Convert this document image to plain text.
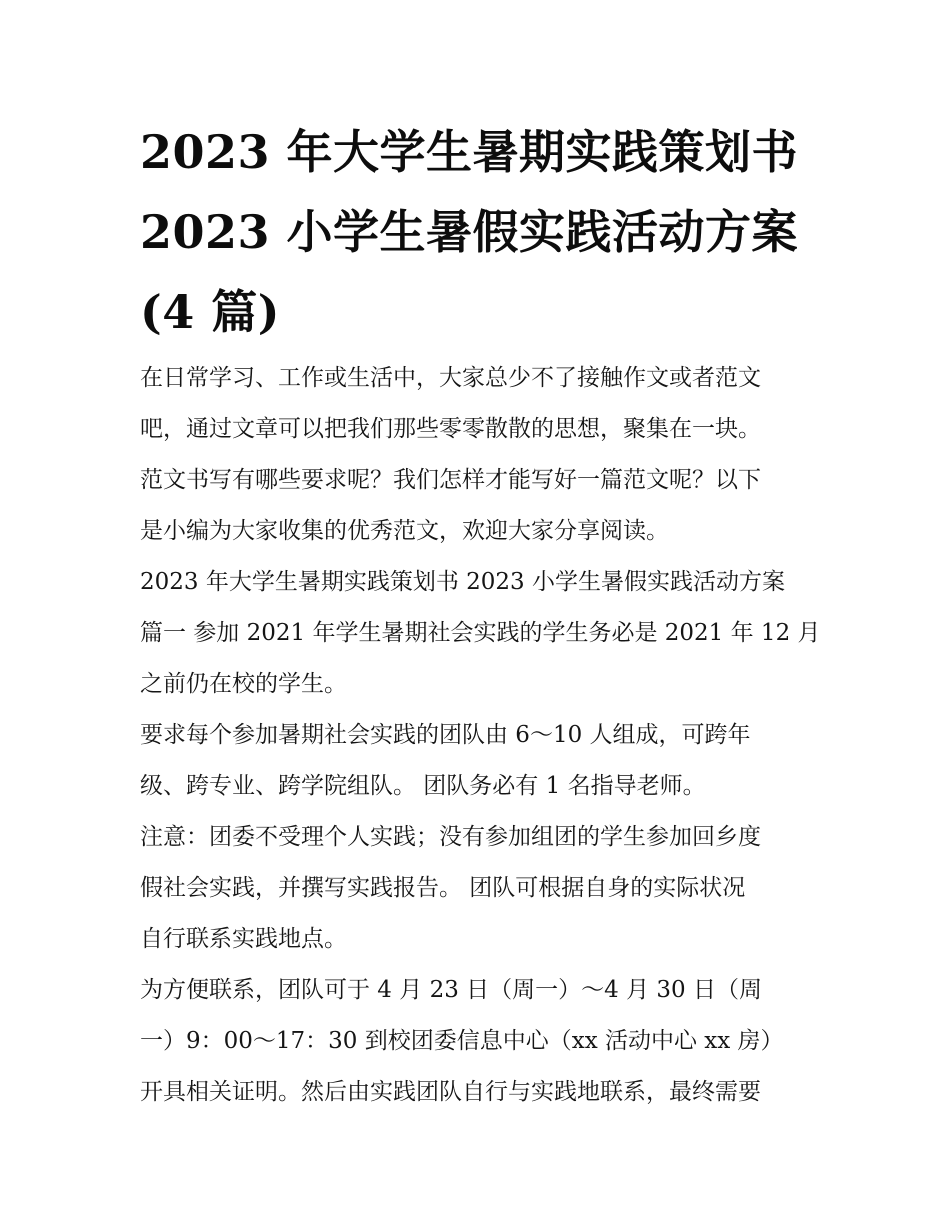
2023 年大学生暑期实践策划书
2023 小学生暑假实践活动方案
(4 篇)
在日常学习、工作或生活中，大家总少不了接触作文或者范文
吧，通过文章可以把我们那些零零散散的思想，聚集在一块。
范文书写有哪些要求呢？我们怎样才能写好一篇范文呢？以下
是小编为大家收集的优秀范文，欢迎大家分享阅读。
2023 年大学生暑期实践策划书 2023 小学生暑假实践活动方案
篇一 参加 2021 年学生暑期社会实践的学生务必是 2021 年 12 月
之前仍在校的学生。
要求每个参加暑期社会实践的团队由 6～10 人组成，可跨年
级、跨专业、跨学院组队。 团队务必有 1 名指导老师。
注意：团委不受理个人实践；没有参加组团的学生参加回乡度
假社会实践，并撰写实践报告。 团队可根据自身的实际状况
自行联系实践地点。
为方便联系，团队可于 4 月 23 日（周一）～4 月 30 日（周
一）9：00～17：30 到校团委信息中心（xx 活动中心 xx 房）
开具相关证明。然后由实践团队自行与实践地联系，最终需要
